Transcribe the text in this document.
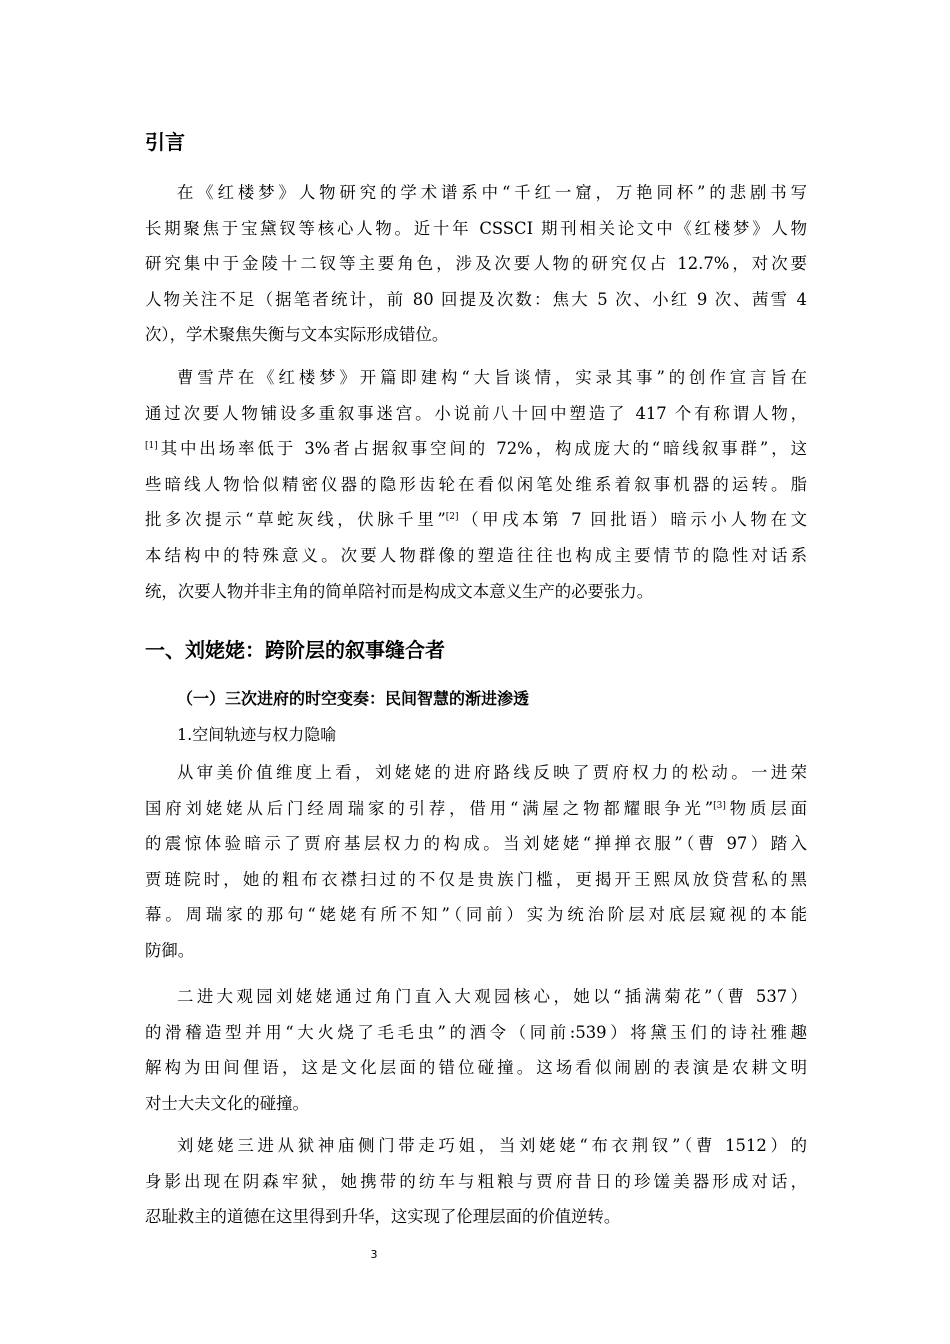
引言
在《红楼梦》人物研究的学术谱系中“千红一窟，万艳同杯”的悲剧书写
长期聚焦于宝黛钗等核心人物。近十年 CSSCI 期刊相关论文中《红楼梦》人物
研究集中于金陵十二钗等主要角色，涉及次要人物的研究仅占 12.7%，对次要
人物关注不足（据笔者统计，前 80 回提及次数：焦大 5 次、小红 9 次、茜雪 4
次），学术聚焦失衡与文本实际形成错位。
曹雪芹在《红楼梦》开篇即建构“大旨谈情，实录其事”的创作宣言旨在
通过次要人物铺设多重叙事迷宫。小说前八十回中塑造了 417 个有称谓人物，
[1]其中出场率低于 3%者占据叙事空间的 72%，构成庞大的“暗线叙事群”，这
些暗线人物恰似精密仪器的隐形齿轮在看似闲笔处维系着叙事机器的运转。脂
批多次提示“草蛇灰线，伏脉千里”[2]（甲戌本第 7 回批语）暗示小人物在文
本结构中的特殊意义。次要人物群像的塑造往往也构成主要情节的隐性对话系
统，次要人物并非主角的简单陪衬而是构成文本意义生产的必要张力。
一、刘姥姥：跨阶层的叙事缝合者
（一）三次进府的时空变奏：民间智慧的渐进渗透
1.空间轨迹与权力隐喻
从审美价值维度上看，刘姥姥的进府路线反映了贾府权力的松动。一进荣
国府刘姥姥从后门经周瑞家的引荐，借用“满屋之物都耀眼争光”[3]物质层面
的震惊体验暗示了贾府基层权力的构成。当刘姥姥“掸掸衣服”（曹 97）踏入
贾琏院时，她的粗布衣襟扫过的不仅是贵族门槛，更揭开王熙凤放贷营私的黑
幕。周瑞家的那句“姥姥有所不知”（同前）实为统治阶层对底层窥视的本能
防御。
二进大观园刘姥姥通过角门直入大观园核心，她以“插满菊花”（曹 537）
的滑稽造型并用“大火烧了毛毛虫”的酒令（同前:539）将黛玉们的诗社雅趣
解构为田间俚语，这是文化层面的错位碰撞。这场看似闹剧的表演是农耕文明
对士大夫文化的碰撞。
刘姥姥三进从狱神庙侧门带走巧姐，当刘姥姥“布衣荆钗”（曹 1512）的
身影出现在阴森牢狱，她携带的纺车与粗粮与贾府昔日的珍馐美器形成对话，
忍耻救主的道德在这里得到升华，这实现了伦理层面的价值逆转。
3
